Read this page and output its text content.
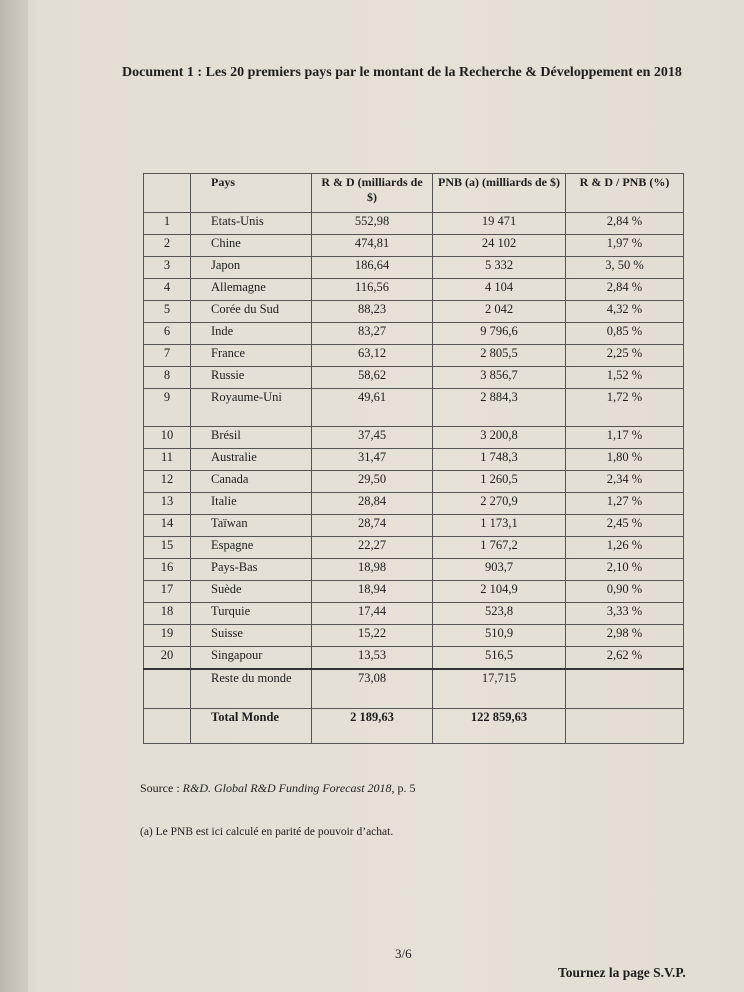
Document 1 : Les 20 premiers pays par le montant de la Recherche & Développement en 2018
	Pays	R & D (milliards de $)	PNB (a) (milliards de $)	R & D / PNB (%)
1	Etats-Unis	552,98	19 471	2,84 %
2	Chine	474,81	24 102	1,97 %
3	Japon	186,64	5 332	3, 50 %
4	Allemagne	116,56	4 104	2,84 %
5	Corée du Sud	88,23	2 042	4,32 %
6	Inde	83,27	9 796,6	0,85 %
7	France	63,12	2 805,5	2,25 %
8	Russie	58,62	3 856,7	1,52 %
9	Royaume-Uni	49,61	2 884,3	1,72 %
10	Brésil	37,45	3 200,8	1,17 %
11	Australie	31,47	1 748,3	1,80 %
12	Canada	29,50	1 260,5	2,34 %
13	Italie	28,84	2 270,9	1,27 %
14	Taïwan	28,74	1 173,1	2,45 %
15	Espagne	22,27	1 767,2	1,26 %
16	Pays-Bas	18,98	903,7	2,10 %
17	Suède	18,94	2 104,9	0,90 %
18	Turquie	17,44	523,8	3,33 %
19	Suisse	15,22	510,9	2,98 %
20	Singapour	13,53	516,5	2,62 %
	Reste du monde	73,08	17,715	
	Total Monde	2 189,63	122 859,63	
Source : R&D. Global R&D Funding Forecast 2018, p. 5
(a) Le PNB est ici calculé en parité de pouvoir d’achat.
3/6
Tournez la page S.V.P.
